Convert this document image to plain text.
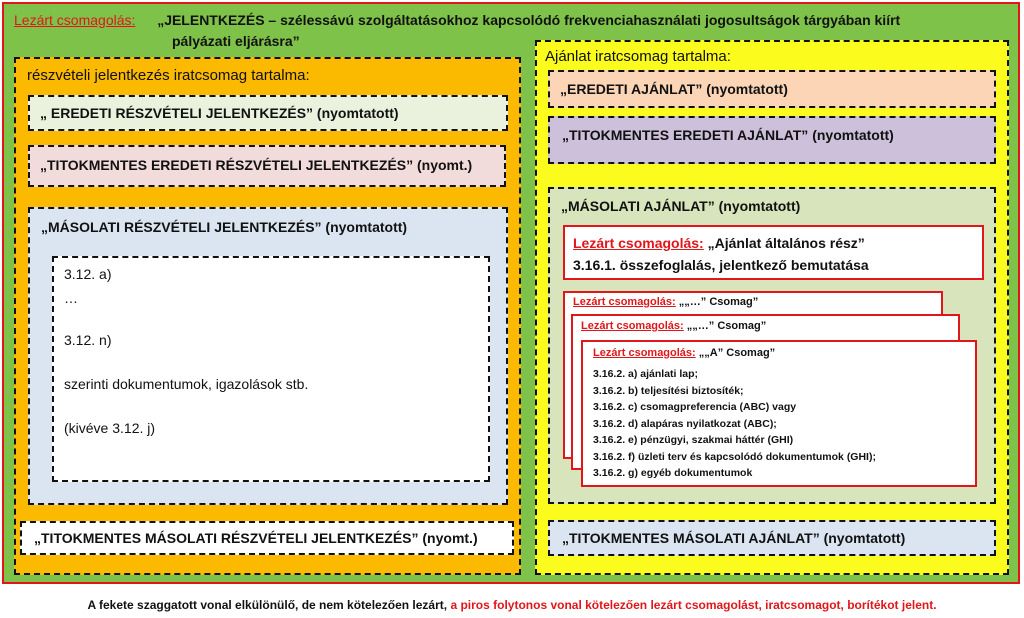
Lezárt csomagolás: „JELENTKEZÉS – szélessávú szolgáltatásokhoz kapcsolódó frekvenciahasználati jogosultságok tárgyában kiírt
pályázati eljárásra”
részvételi jelentkezés iratcsomag tartalma:
„ EREDETI RÉSZVÉTELI JELENTKEZÉS” (nyomtatott)
„TITOKMENTES EREDETI RÉSZVÉTELI JELENTKEZÉS” (nyomt.)
„MÁSOLATI RÉSZVÉTELI JELENTKEZÉS” (nyomtatott)
3.12. a)
…
3.12. n)
szerinti dokumentumok, igazolások stb.
(kivéve 3.12. j)
„TITOKMENTES MÁSOLATI RÉSZVÉTELI JELENTKEZÉS” (nyomt.)
Ajánlat iratcsomag tartalma:
„EREDETI AJÁNLAT” (nyomtatott)
„TITOKMENTES EREDETI AJÁNLAT” (nyomtatott)
„MÁSOLATI AJÁNLAT” (nyomtatott)
Lezárt csomagolás: „Ajánlat általános rész”
3.16.1. összefoglalás, jelentkező bemutatása
Lezárt csomagolás: „„…” Csomag”
Lezárt csomagolás: „„…” Csomag”
Lezárt csomagolás: „„A” Csomag”
3.16.2. a) ajánlati lap;
3.16.2. b) teljesítési biztosíték;
3.16.2. c) csomagpreferencia (ABC) vagy
3.16.2. d) alapáras nyilatkozat (ABC);
3.16.2. e) pénzügyi, szakmai háttér (GHI)
3.16.2. f) üzleti terv és kapcsolódó dokumentumok (GHI);
3.16.2. g) egyéb dokumentumok
„TITOKMENTES MÁSOLATI AJÁNLAT” (nyomtatott)
A fekete szaggatott vonal elkülönülő, de nem kötelezően lezárt, a piros folytonos vonal kötelezően lezárt csomagolást, iratcsomagot, borítékot jelent.
